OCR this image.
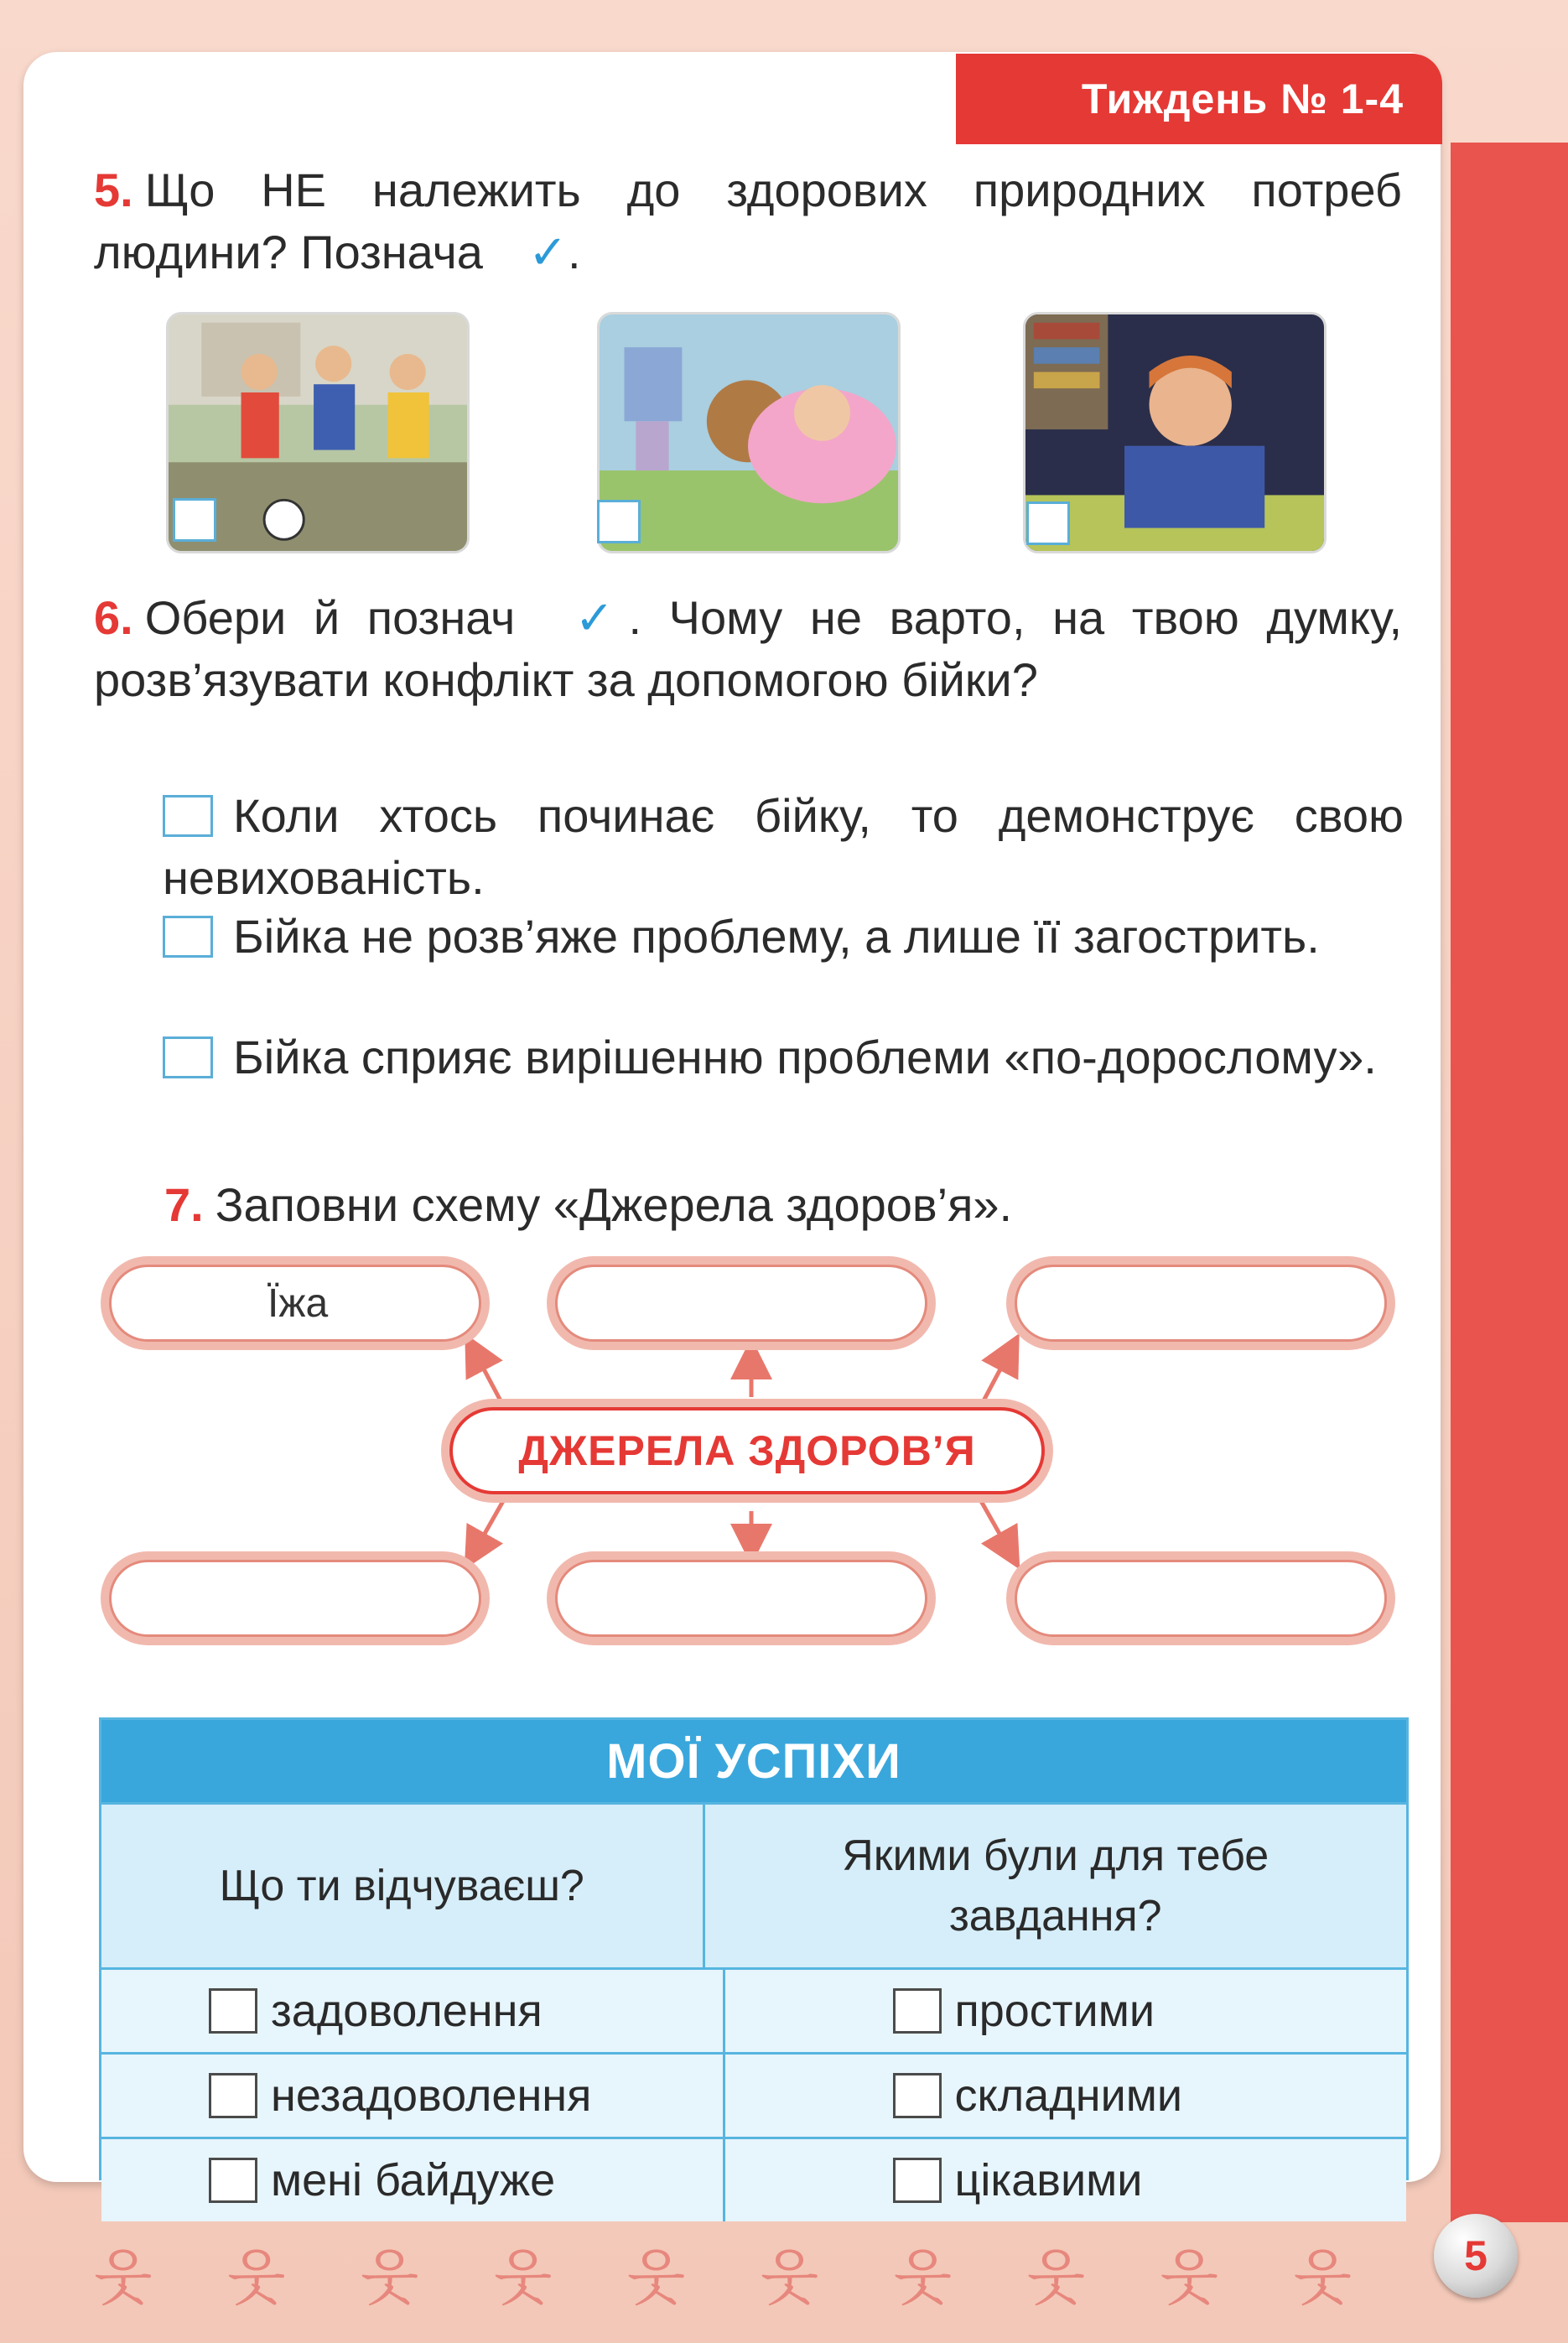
Тиждень № 1-4
5. Що НЕ належить до здорових природних потреб людини? Позначаᅠ✓.
6. Обери й позначᅠ✓. Чому не варто, на твою думку, розв’язувати конфлікт за допомогою бійки?
Коли хтось починає бійку, то демонструє свою невихованість.
Бійка не розв’яже проблему, а лише її загострить.
Бійка сприяє вирішенню проблеми «по-дорослому».
7. Заповни схему «Джерела здоров’я».
Їжа
ДЖЕРЕЛА ЗДОРОВ’Я
МОЇ УСПІХИ
Що ти відчуваєш?
Якими були для тебе завдання?
задоволення	простими
незадоволення	складними
мені байдуже	цікавими
웃 웃 웃 웃 웃 웃 웃 웃 웃 웃	5
